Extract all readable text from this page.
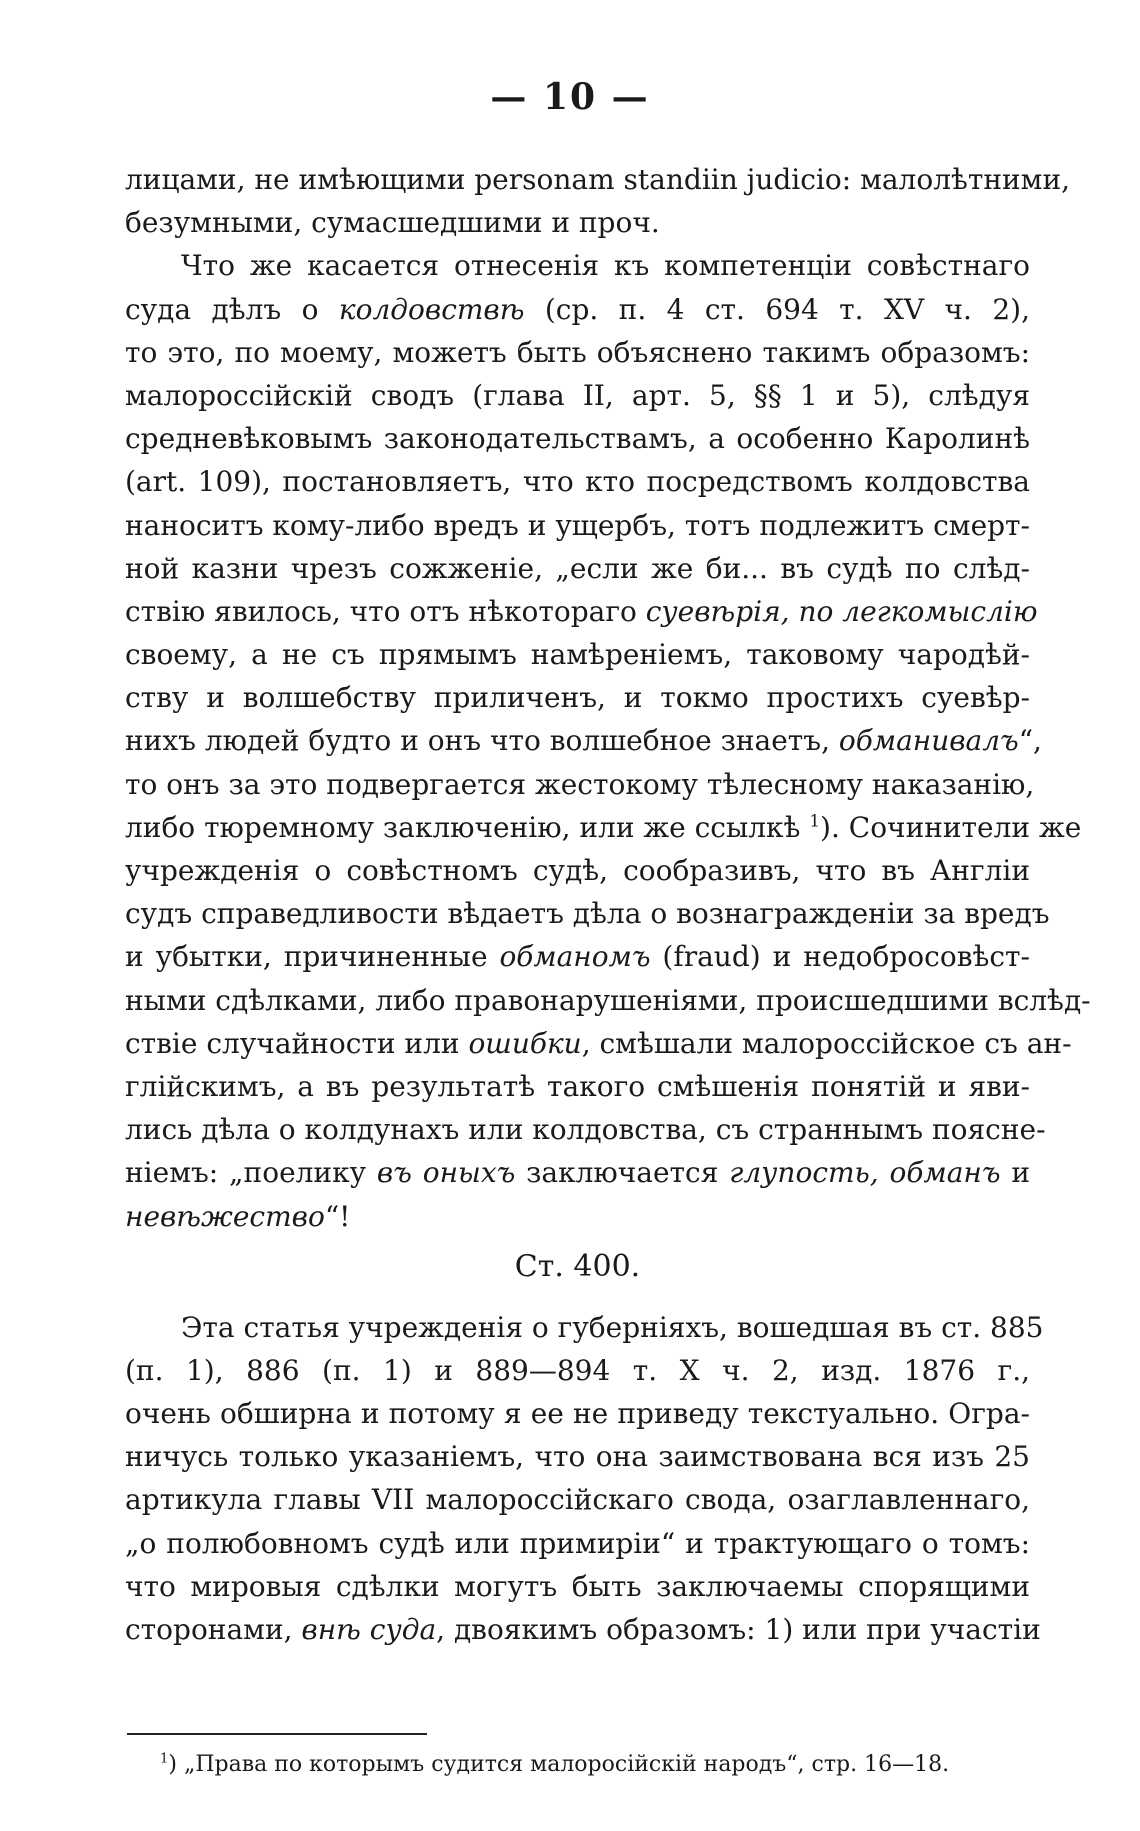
— 10 —
лицами, не имѣющими personam standiin judicio: малолѣтними,
безумными, сумасшедшими и проч.
Что же касается отнесенія къ компетенціи совѣстнаго
суда дѣлъ о колдовствѣ (ср. п. 4 ст. 694 т. XV ч. 2),
то это, по моему, можетъ быть объяснено такимъ образомъ:
малороссійскій сводъ (глава II, арт. 5, §§ 1 и 5), слѣдуя
средневѣковымъ законодательствамъ, а особенно Каролинѣ
(art. 109), постановляетъ, что кто посредствомъ колдовства
наноситъ кому-либо вредъ и ущербъ, тотъ подлежитъ смерт-
ной казни чрезъ сожженіе, „если же би... въ судѣ по слѣд-
ствію явилось, что отъ нѣкотораго суевѣрія, по легкомыслію
своему, а не съ прямымъ намѣреніемъ, таковому чародѣй-
ству и волшебству приличенъ, и токмо простихъ суевѣр-
нихъ людей будто и онъ что волшебное знаетъ, обманивалъ“,
то онъ за это подвергается жестокому тѣлесному наказанію,
либо тюремному заключенію, или же ссылкѣ $^1$). Сочинители же
учрежденія о совѣстномъ судѣ, сообразивъ, что въ Англіи
судъ справедливости вѣдаетъ дѣла о вознагражденіи за вредъ
и убытки, причиненные обманомъ (fraud) и недобросовѣст-
ными сдѣлками, либо правонарушеніями, происшедшими вслѣд-
ствіе случайности или ошибки, смѣшали малороссійское съ ан-
глійскимъ, а въ результатѣ такого смѣшенія понятій и яви-
лись дѣла о колдунахъ или колдовства, съ страннымъ поясне-
ніемъ: „поелику въ оныхъ заключается глупость, обманъ и
невѣжество“!
Ст. 400.
Эта статья учрежденія о губерніяхъ, вошедшая въ ст. 885
(п. 1), 886 (п. 1) и 889—894 т. X ч. 2, изд. 1876 г.,
очень обширна и потому я ее не приведу текстуально. Огра-
ничусь только указаніемъ, что она заимствована вся изъ 25
артикула главы VII малороссійскаго свода, озаглавленнаго,
„о полюбовномъ судѣ или примиріи“ и трактующаго о томъ:
что мировыя сдѣлки могутъ быть заключаемы спорящими
сторонами, внѣ суда, двоякимъ образомъ: 1) или при участіи
$^1$) „Права по которымъ судится малоросійскій народъ“, стр. 16—18.
